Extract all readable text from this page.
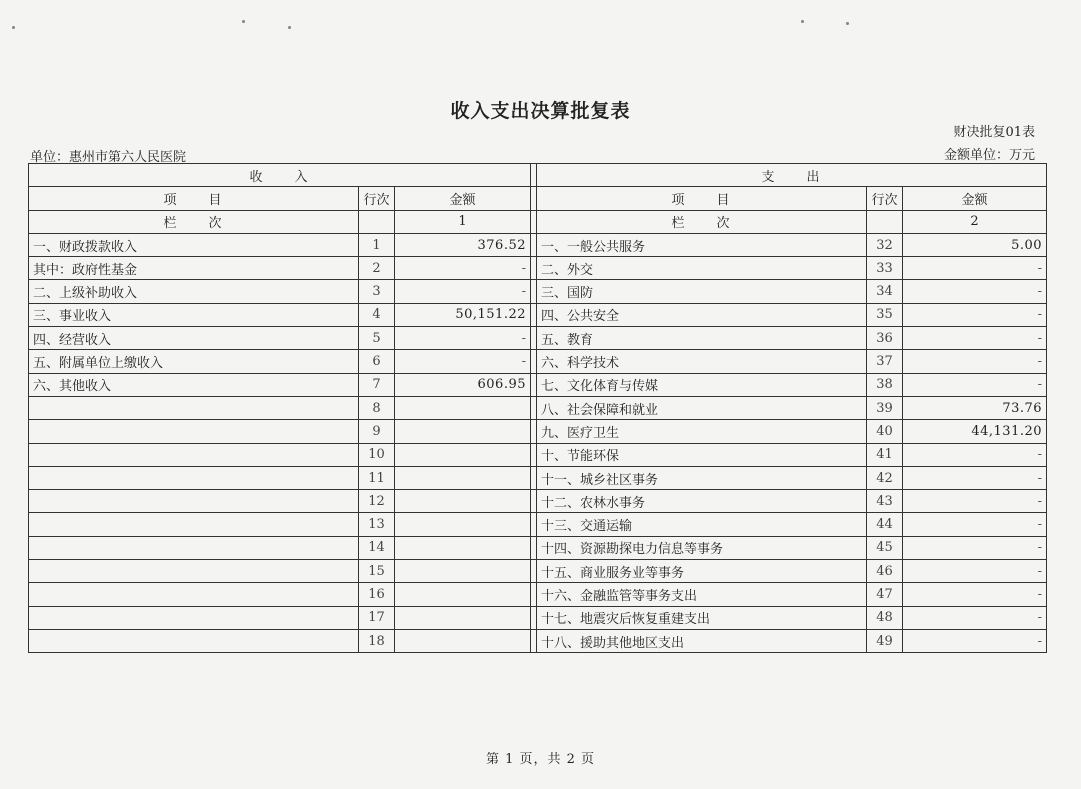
收入支出决算批复表
财决批复01表
单位：惠州市第六人民医院	金额单位：万元
收　　入				支　　出		
项　　目	行次	金额		项　　目	行次	金额
栏　　次		1		栏　　次		2
一、财政拨款收入	1	376.52		一、一般公共服务	32	5.00
其中：政府性基金	2	-		二、外交	33	-
二、上级补助收入	3	-		三、国防	34	-
三、事业收入	4	50,151.22		四、公共安全	35	-
四、经营收入	5	-		五、教育	36	-
五、附属单位上缴收入	6	-		六、科学技术	37	-
六、其他收入	7	606.95		七、文化体育与传媒	38	-
	8			八、社会保障和就业	39	73.76
	9			九、医疗卫生	40	44,131.20
	10			十、节能环保	41	-
	11			十一、城乡社区事务	42	-
	12			十二、农林水事务	43	-
	13			十三、交通运输	44	-
	14			十四、资源勘探电力信息等事务	45	-
	15			十五、商业服务业等事务	46	-
	16			十六、金融监管等事务支出	47	-
	17			十七、地震灾后恢复重建支出	48	-
	18			十八、援助其他地区支出	49	-
第 1 页，共 2 页
